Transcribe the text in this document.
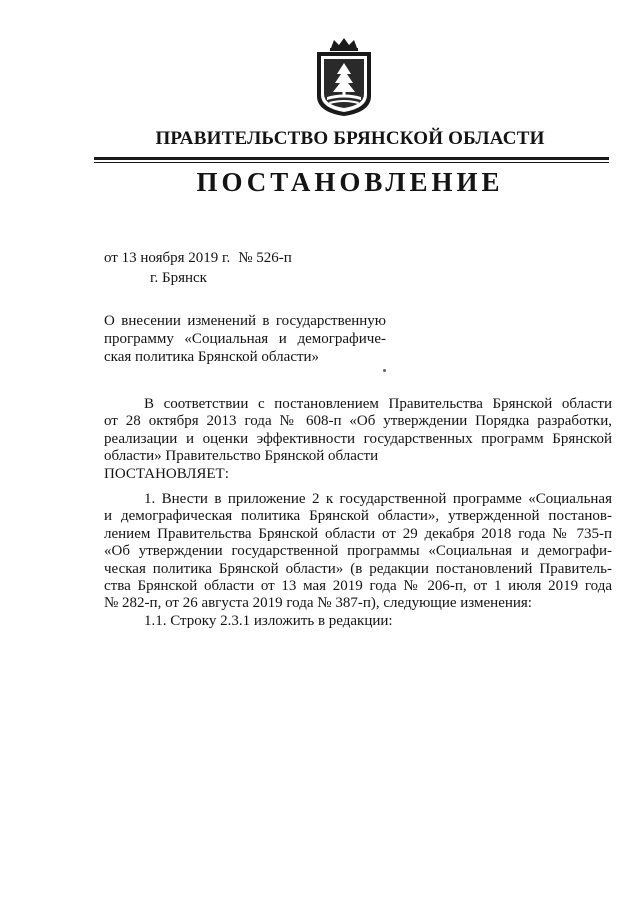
ПРАВИТЕЛЬСТВО БРЯНСКОЙ ОБЛАСТИ
ПОСТАНОВЛЕНИЕ
от 13 ноября 2019 г. № 526-п
г. Брянск
О внесении изменений в государственную
программу «Социальная и демографиче-
ская политика Брянской области»
В соответствии с постановлением Правительства Брянской области
от 28 октября 2013 года № 608-п «Об утверждении Порядка разработки,
реализации и оценки эффективности государственных программ Брянской
области» Правительство Брянской области
ПОСТАНОВЛЯЕТ:
1. Внести в приложение 2 к государственной программе «Социальная
и демографическая политика Брянской области», утвержденной постанов-
лением Правительства Брянской области от 29 декабря 2018 года № 735-п
«Об утверждении государственной программы «Социальная и демографи-
ческая политика Брянской области» (в редакции постановлений Правитель-
ства Брянской области от 13 мая 2019 года № 206-п, от 1 июля 2019 года
№ 282-п, от 26 августа 2019 года № 387-п), следующие изменения:
1.1. Строку 2.3.1 изложить в редакции:
